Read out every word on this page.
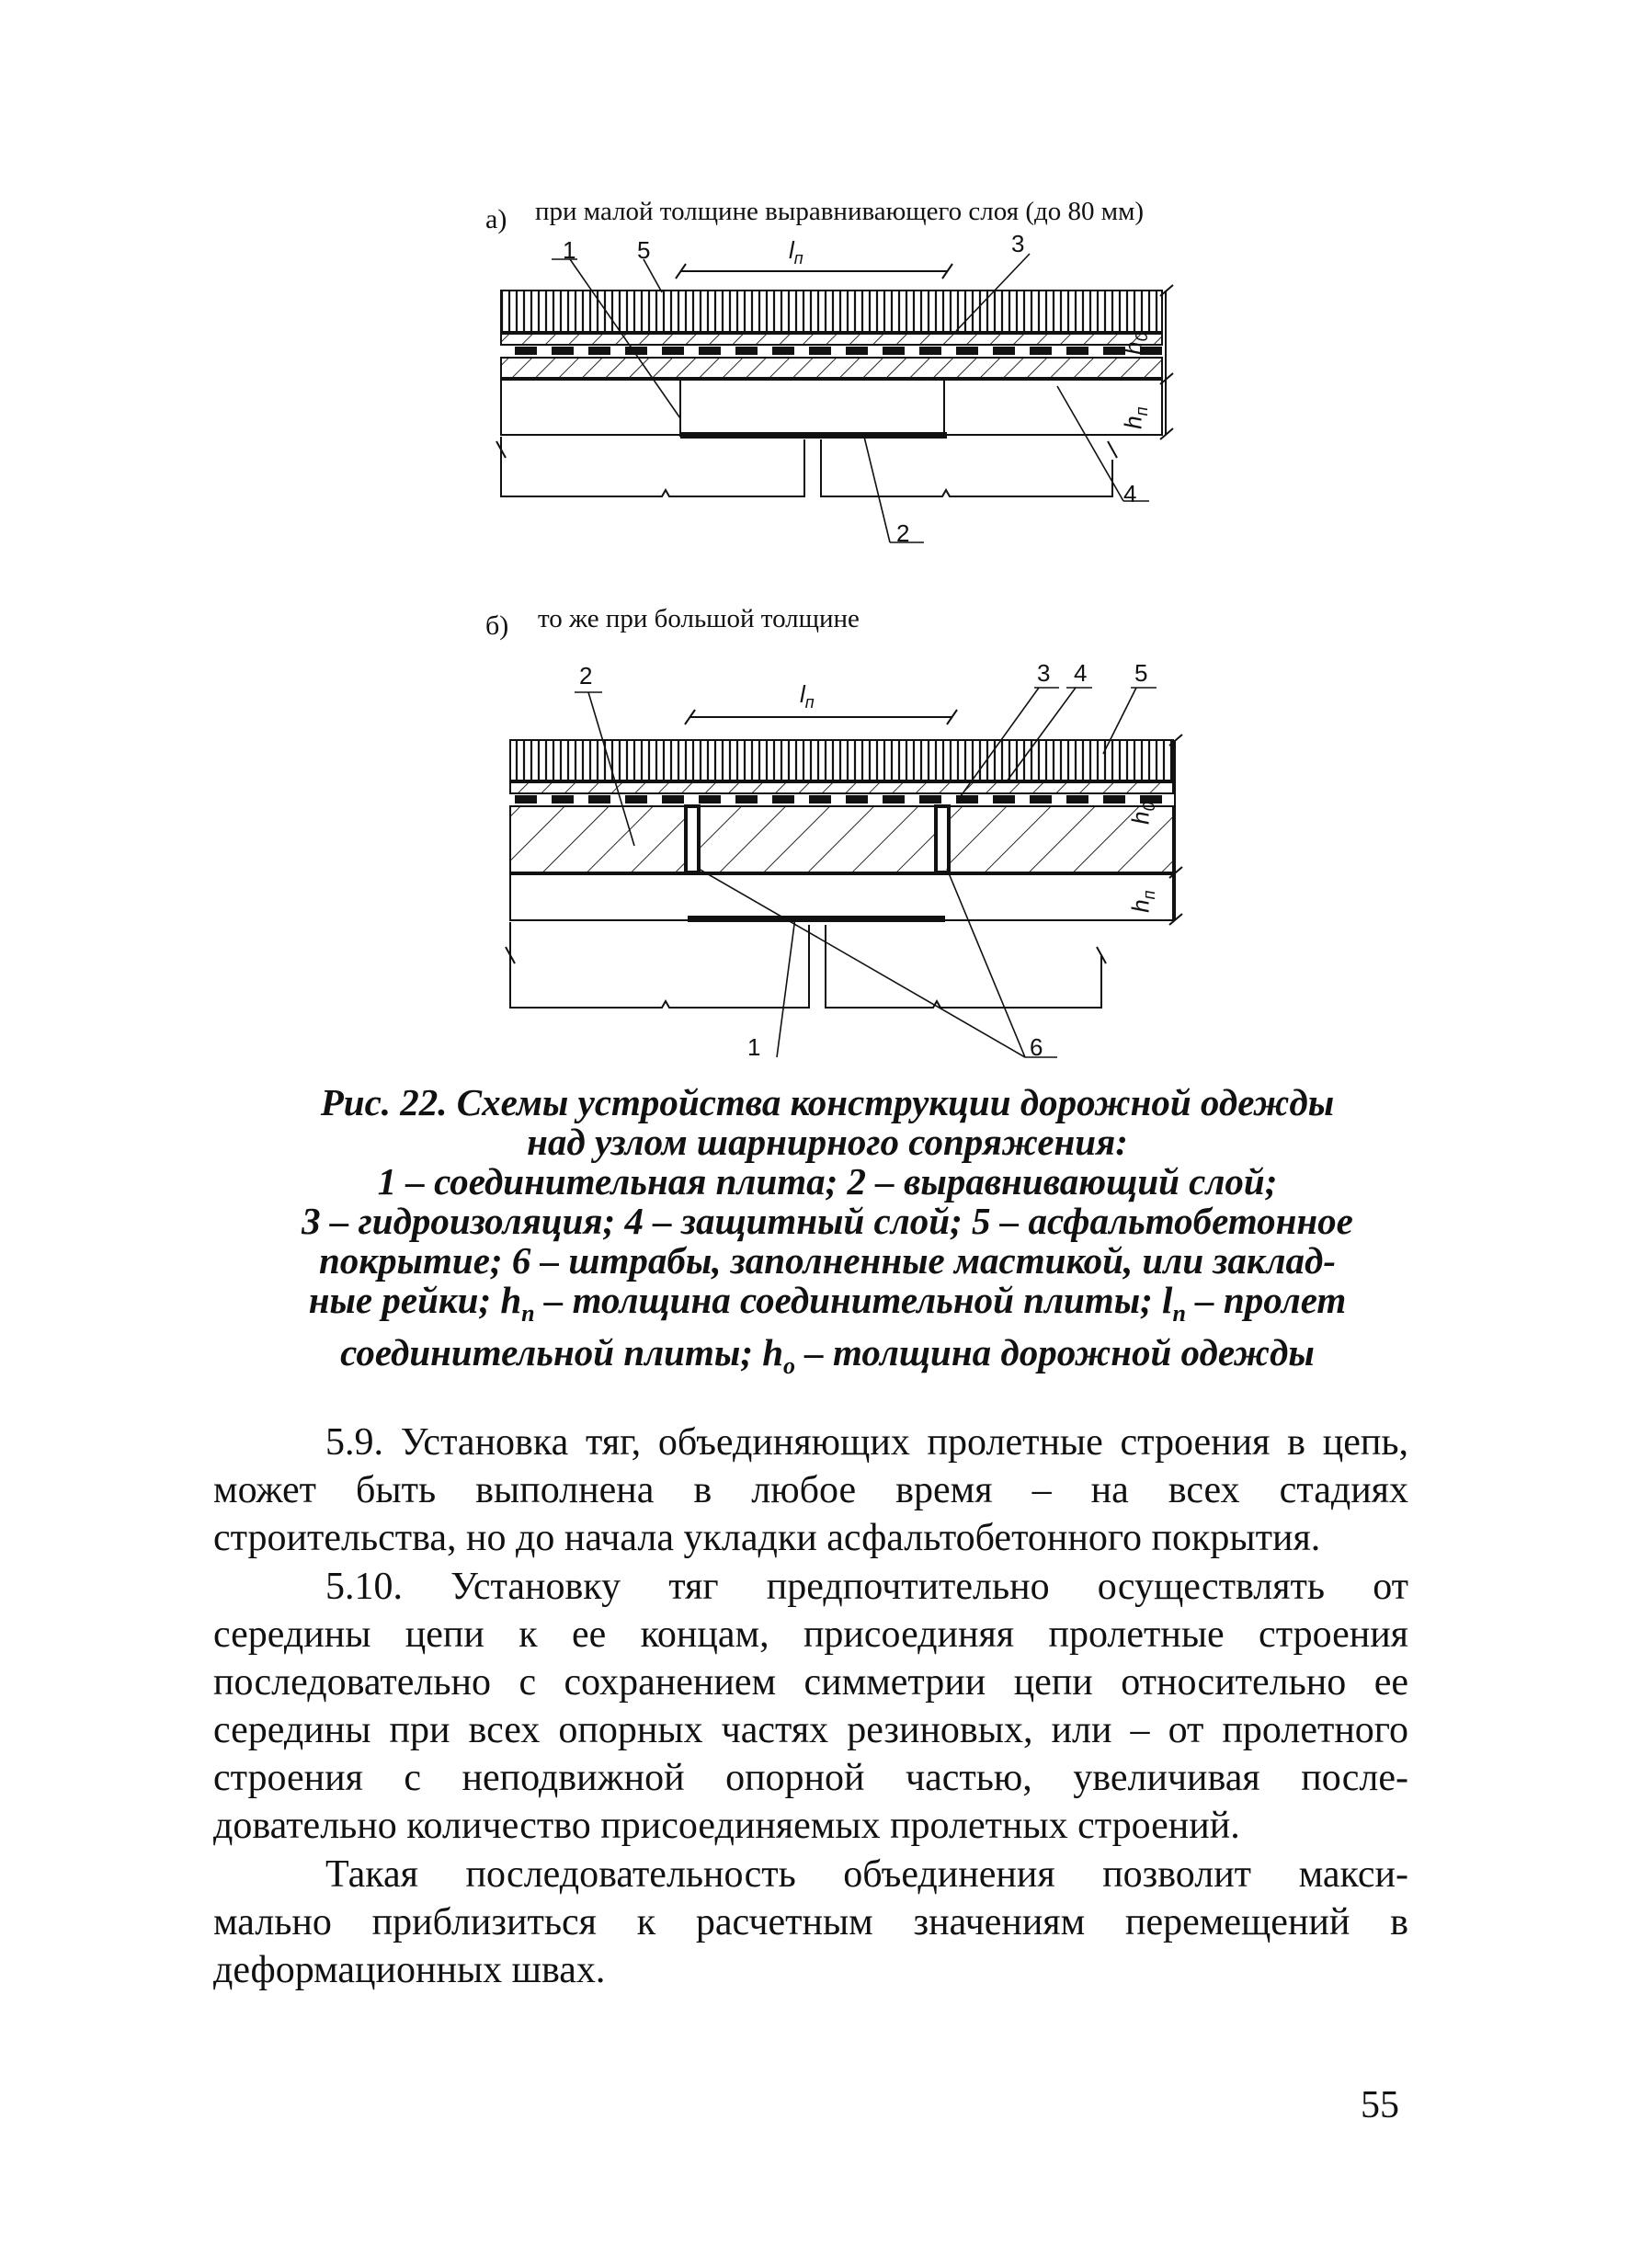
а) при малой толщине выравнивающего слоя (до 80 мм)
1	5	3
4
2
$l_п$
$h_п$
б) то же при большой толщине
2	3 4 5
1	6
$l_п$
$h_0$
$h_п$
Рис. 22. Схемы устройства конструкции дорожной одежды
над узлом шарнирного сопряжения:
1 – соединительная плита; 2 – выравнивающий слой;
3 – гидроизоляция; 4 – защитный слой; 5 – асфальтобетонное
покрытие; 6 – штрабы, заполненные мастикой, или заклад-
ные рейки; $h_п$ – толщина соединительной плиты; $l_п$ – пролет
соединительной плиты; $h_о$ – толщина дорожной одежды
5.9. Установка тяг, объединяющих пролетные строения в цепь,
может быть выполнена в любое время – на всех стадиях
строительства, но до начала укладки асфальтобетонного покрытия.
5.10. Установку тяг предпочтительно осуществлять от
середины цепи к ее концам, присоединяя пролетные строения
последовательно с сохранением симметрии цепи относительно ее
середины при всех опорных частях резиновых, или – от пролетного
строения с неподвижной опорной частью, увеличивая после-
довательно количество присоединяемых пролетных строений.
Такая последовательность объединения позволит макси-
мально приблизиться к расчетным значениям перемещений в
деформационных швах.
55
